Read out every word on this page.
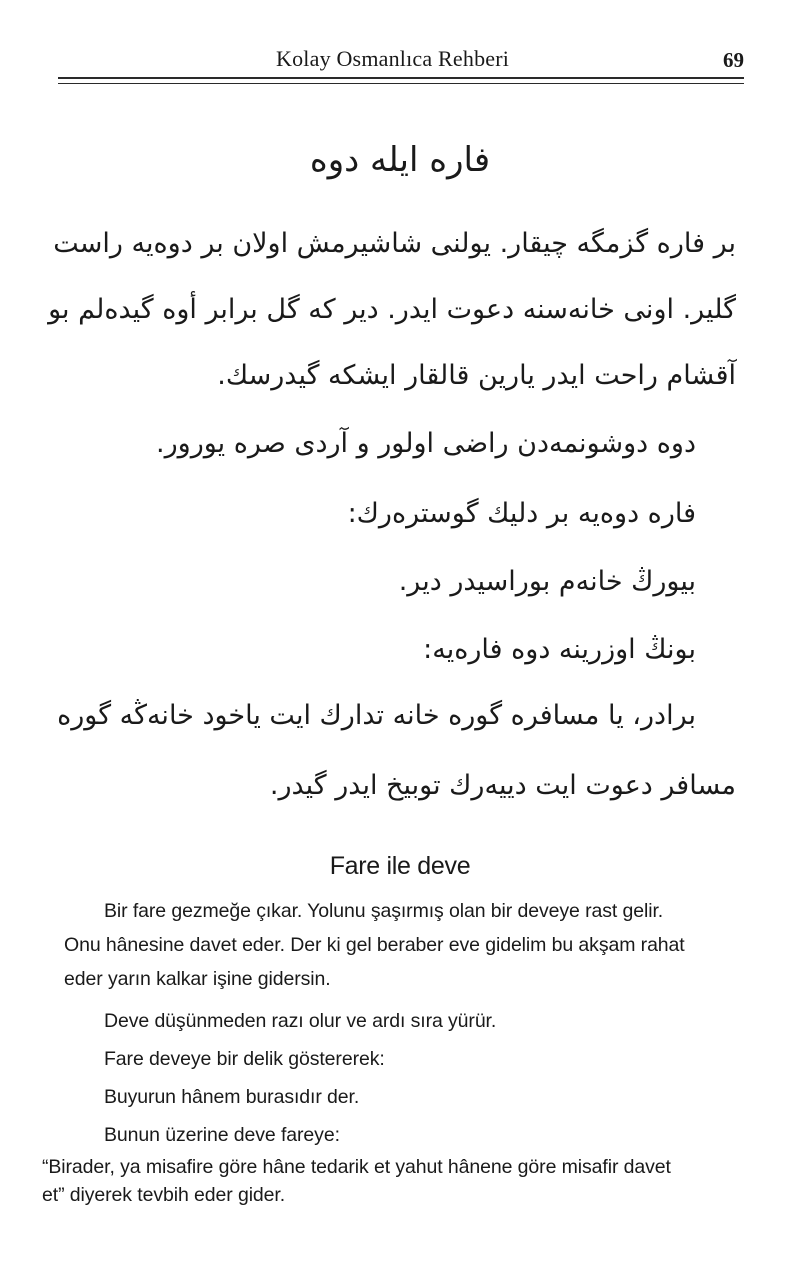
Kolay Osmanlıca Rehberi	69
فاره ایله دوه
بر فاره گزمگه چیقار. یولنی شاشیرمش اولان بر دوه‌یه راست
گلیر. اونی خانه‌سنه دعوت ایدر. دیر که گل برابر أوه گیده‌لم بو
آقشام راحت ایدر یارین قالقار ایشکه گیدرسك.
دوه دوشونمه‌دن راضی اولور و آردی صره یورور.
فاره دوه‌یه بر دلیك گوستره‌رك:
بیورڭ خانه‌م بوراسیدر دیر.
بونڭ اوزرینه دوه فاره‌یه:
برادر، یا مسافره گوره خانه تدارك ایت یاخود خانه‌ڭه گوره
مسافر دعوت ایت دییه‌رك توبیخ ایدر گیدر.
Fare ile deve
Bir fare gezmeğe çıkar. Yolunu şaşırmış olan bir deveye rast gelir.
Onu hânesine davet eder. Der ki gel beraber eve gidelim bu akşam rahat
eder yarın kalkar işine gidersin.
Deve düşünmeden razı olur ve ardı sıra yürür.
Fare deveye bir delik göstererek:
Buyurun hânem burasıdır der.
Bunun üzerine deve fareye:
“Birader, ya misafire göre hâne tedarik et yahut hânene göre misafir davet
et” diyerek tevbih eder gider.
